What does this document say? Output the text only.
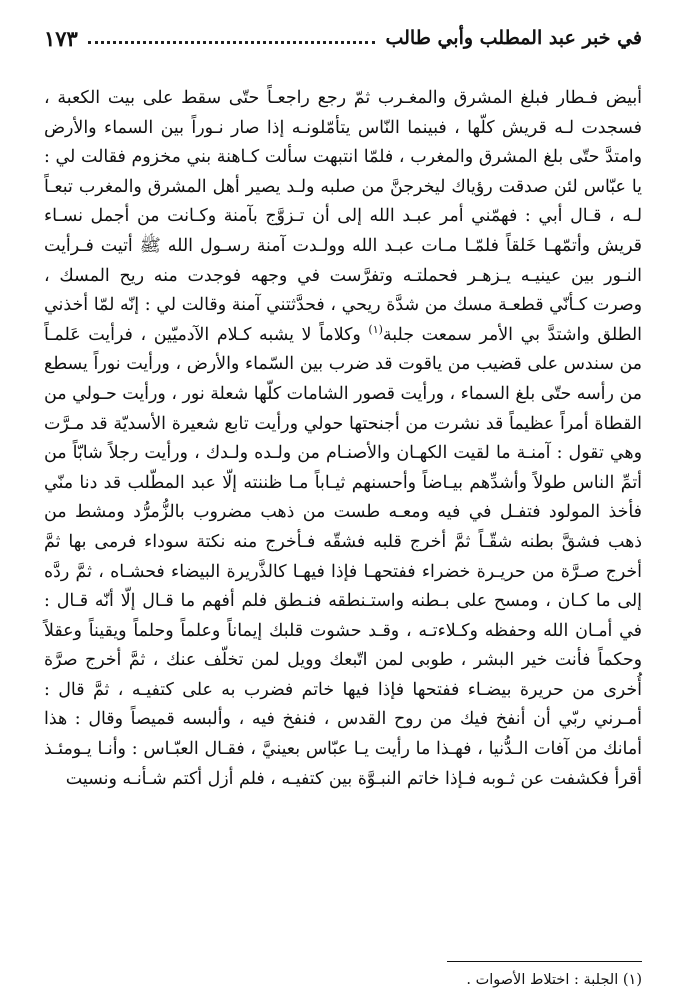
في خبر عبد المطلب وأبي طالب
١٧٣

أبيض فـطار فبلغ المشرق والمغـرب ثمّ رجع راجعـاً حتّى سقط على بيت الكعبة ، فسجدت لـه قريش كلّها ، فبينما النّاس يتأمّلونـه إذا صار نـوراً بين السماء والأرض وامتدَّ حتّى بلغ المشرق والمغرب ، فلمّا انتبهت سألت كـاهنة بني مخزوم فقالت لي : يا عبّاس لئن صدقت رؤياك ليخرجنَّ من صلبه ولـد يصير أهل المشرق والمغرب تبعـاً لـه ، قـال أبي : فهمّني أمر عبـد الله إلى أن تـزوَّج بآمنة وكـانت من أجمل نسـاء قريش وأتمّهـا خَلقاً فلمّـا مـات عبـد الله وولـدت آمنة رسـول الله ﷺ أتيت فـرأيت النـور بين عينيـه يـزهـر فحملتـه وتفرَّست في وجهه فوجدت منه ريح المسك ، وصرت كـأنّي قطعـة مسك من شدَّة ريحي ، فحدَّثتني آمنة وقالت لي : إنّه لمّا أخذني الطلق واشتدَّ بي الأمر سمعت جلبة$^{(١)}$ وكلاماً لا يشبه كـلام الآدميّين ، فرأيت عَلمـاً من سندس على قضيب من ياقوت قد ضرب بين السّماء والأرض ، ورأيت نوراً يسطع من رأسه حتّى بلغ السماء ، ورأيت قصور الشامات كلّها شعلة نور ، ورأيت حـولي من القطاة أمراً عظيماً قد نشرت من أجنحتها حولي ورأيت تابع شعيرة الأسديّة قد مـرَّت وهي تقول : آمنـة ما لقيت الكهـان والأصنـام من ولـده ولـدك ، ورأيت رجلاً شابّاً من أتمِّ الناس طولاً وأشدِّهم بيـاضاً وأحسنهم ثيـاباً مـا ظننته إلّا عبد المطّلب قد دنا منّي فأخذ المولود فتفـل في فيه ومعـه طست من ذهب مضروب بالزُّمرُّد ومشط من ذهب فشقَّ بطنه شقّـاً ثمَّ أخرج قلبه فشقّه فـأخرج منه نكتة سوداء فرمى بها ثمَّ أخرج صـرَّة من حريـرة خضراء ففتحهـا فإذا فيهـا كالذَّريرة البيضاء فحشـاه ، ثمَّ ردَّه إلى ما كـان ، ومسح على بـطنه واستـنطقه فنـطق فلم أفهم ما قـال إلّا أنّه قـال : في أمـان الله وحفظه وكـلاءتـه ، وقـد حشوت قلبك إيماناً وعلماً وحلماً ويقيناً وعقلاً وحكماً فأنت خير البشر ، طوبى لمن اتّبعك وويل لمن تخلّف عنك ، ثمَّ أخرج صرَّة أُخرى من حريرة بيضـاء ففتحها فإذا فيها خاتم فضرب به على كتفيـه ، ثمَّ قال : أمـرني ربّي أن أنفخ فيك من روح القدس ، فنفخ فيه ، وألبسه قميصاً وقال : هذا أمانك من آفات الـدُّنيا ، فهـذا ما رأيت يـا عبّاس بعينيَّ ، فقـال العبّـاس : وأنـا يـومئـذ أقرأ فكشفت عن ثـوبه فـإذا خاتم النبـوَّة بين كتفيـه ، فلم أزل أكتم شـأنـه ونسيت

(١) الجلبة : اختلاط الأصوات .
